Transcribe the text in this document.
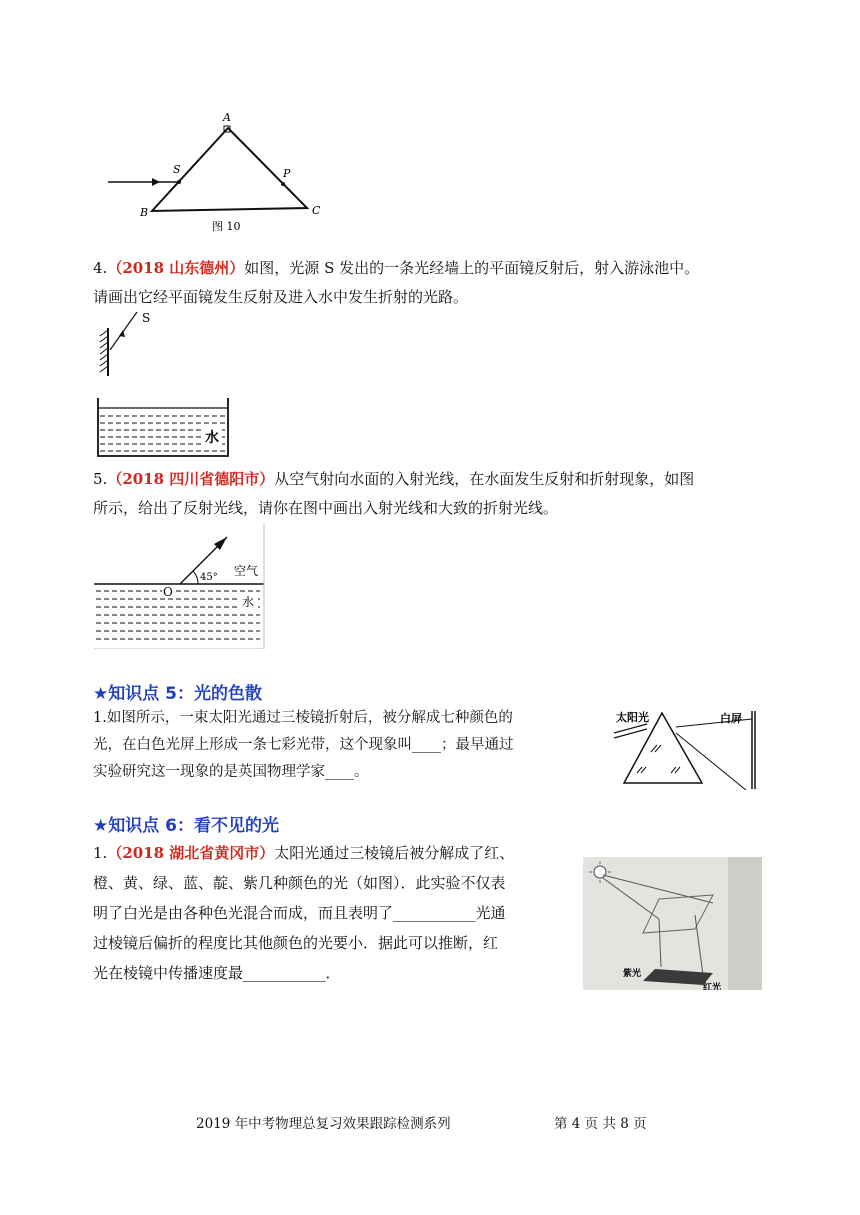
A
B	C
S	P
图 10
4.（2018 山东德州）如图，光源 S 发出的一条光经墙上的平面镜反射后，射入游泳池中。
请画出它经平面镜发生反射及进入水中发生折射的光路。
S
水
5.（2018 四川省德阳市）从空气射向水面的入射光线，在水面发生反射和折射现象，如图
所示，给出了反射光线，请你在图中画出入射光线和大致的折射光线。
45° 空气
O
水
★知识点 5：光的色散
1.如图所示，一束太阳光通过三棱镜折射后，被分解成七种颜色的
光，在白色光屏上形成一条七彩光带，这个现象叫____；最早通过
实验研究这一现象的是英国物理学家____。
太阳光	白屏
★知识点 6：看不见的光
1.（2018 湖北省黄冈市）太阳光通过三棱镜后被分解成了红、
橙、黄、绿、蓝、靛、紫几种颜色的光（如图）．此实验不仅表
明了白光是由各种色光混合而成，而且表明了___________光通
过棱镜后偏折的程度比其他颜色的光要小．据此可以推断，红
光在棱镜中传播速度最___________．	紫光
红光
2019 年中考物理总复习效果跟踪检测系列	第 4 页 共 8 页
